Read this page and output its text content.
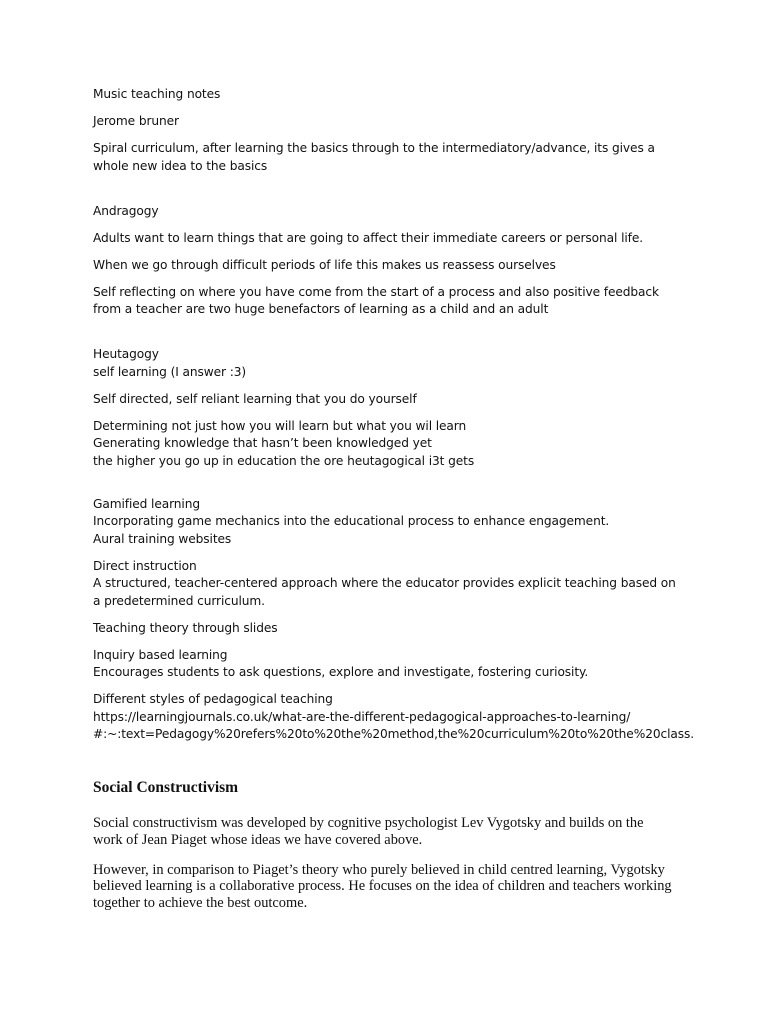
Music teaching notes

Jerome bruner

Spiral curriculum, after learning the basics through to the intermediatory/advance, its gives a whole new idea to the basics

Andragogy

Adults want to learn things that are going to affect their immediate careers or personal life.

When we go through difficult periods of life this makes us reassess ourselves

Self reflecting on where you have come from the start of a process and also positive feedback from a teacher are two huge benefactors of learning as a child and an adult

Heutagogy
self learning (I answer :3)

Self directed, self reliant learning that you do yourself

Determining not just how you will learn but what you wil learn
Generating knowledge that hasn’t been knowledged yet
the higher you go up in education the ore heutagogical i3t gets

Gamified learning
Incorporating game mechanics into the educational process to enhance engagement.
Aural training websites

Direct instruction
A structured, teacher-centered approach where the educator provides explicit teaching based on a predetermined curriculum.

Teaching theory through slides

Inquiry based learning
Encourages students to ask questions, explore and investigate, fostering curiosity.

Different styles of pedagogical teaching
https://learningjournals.co.uk/what-are-the-different-pedagogical-approaches-to-learning/
#:~:text=Pedagogy%20refers%20to%20the%20method,the%20curriculum%20to%20the%20class.

Social Constructivism

Social constructivism was developed by cognitive psychologist Lev Vygotsky and builds on the work of Jean Piaget whose ideas we have covered above.

However, in comparison to Piaget’s theory who purely believed in child centred learning, Vygotsky believed learning is a collaborative process. He focuses on the idea of children and teachers working together to achieve the best outcome.
